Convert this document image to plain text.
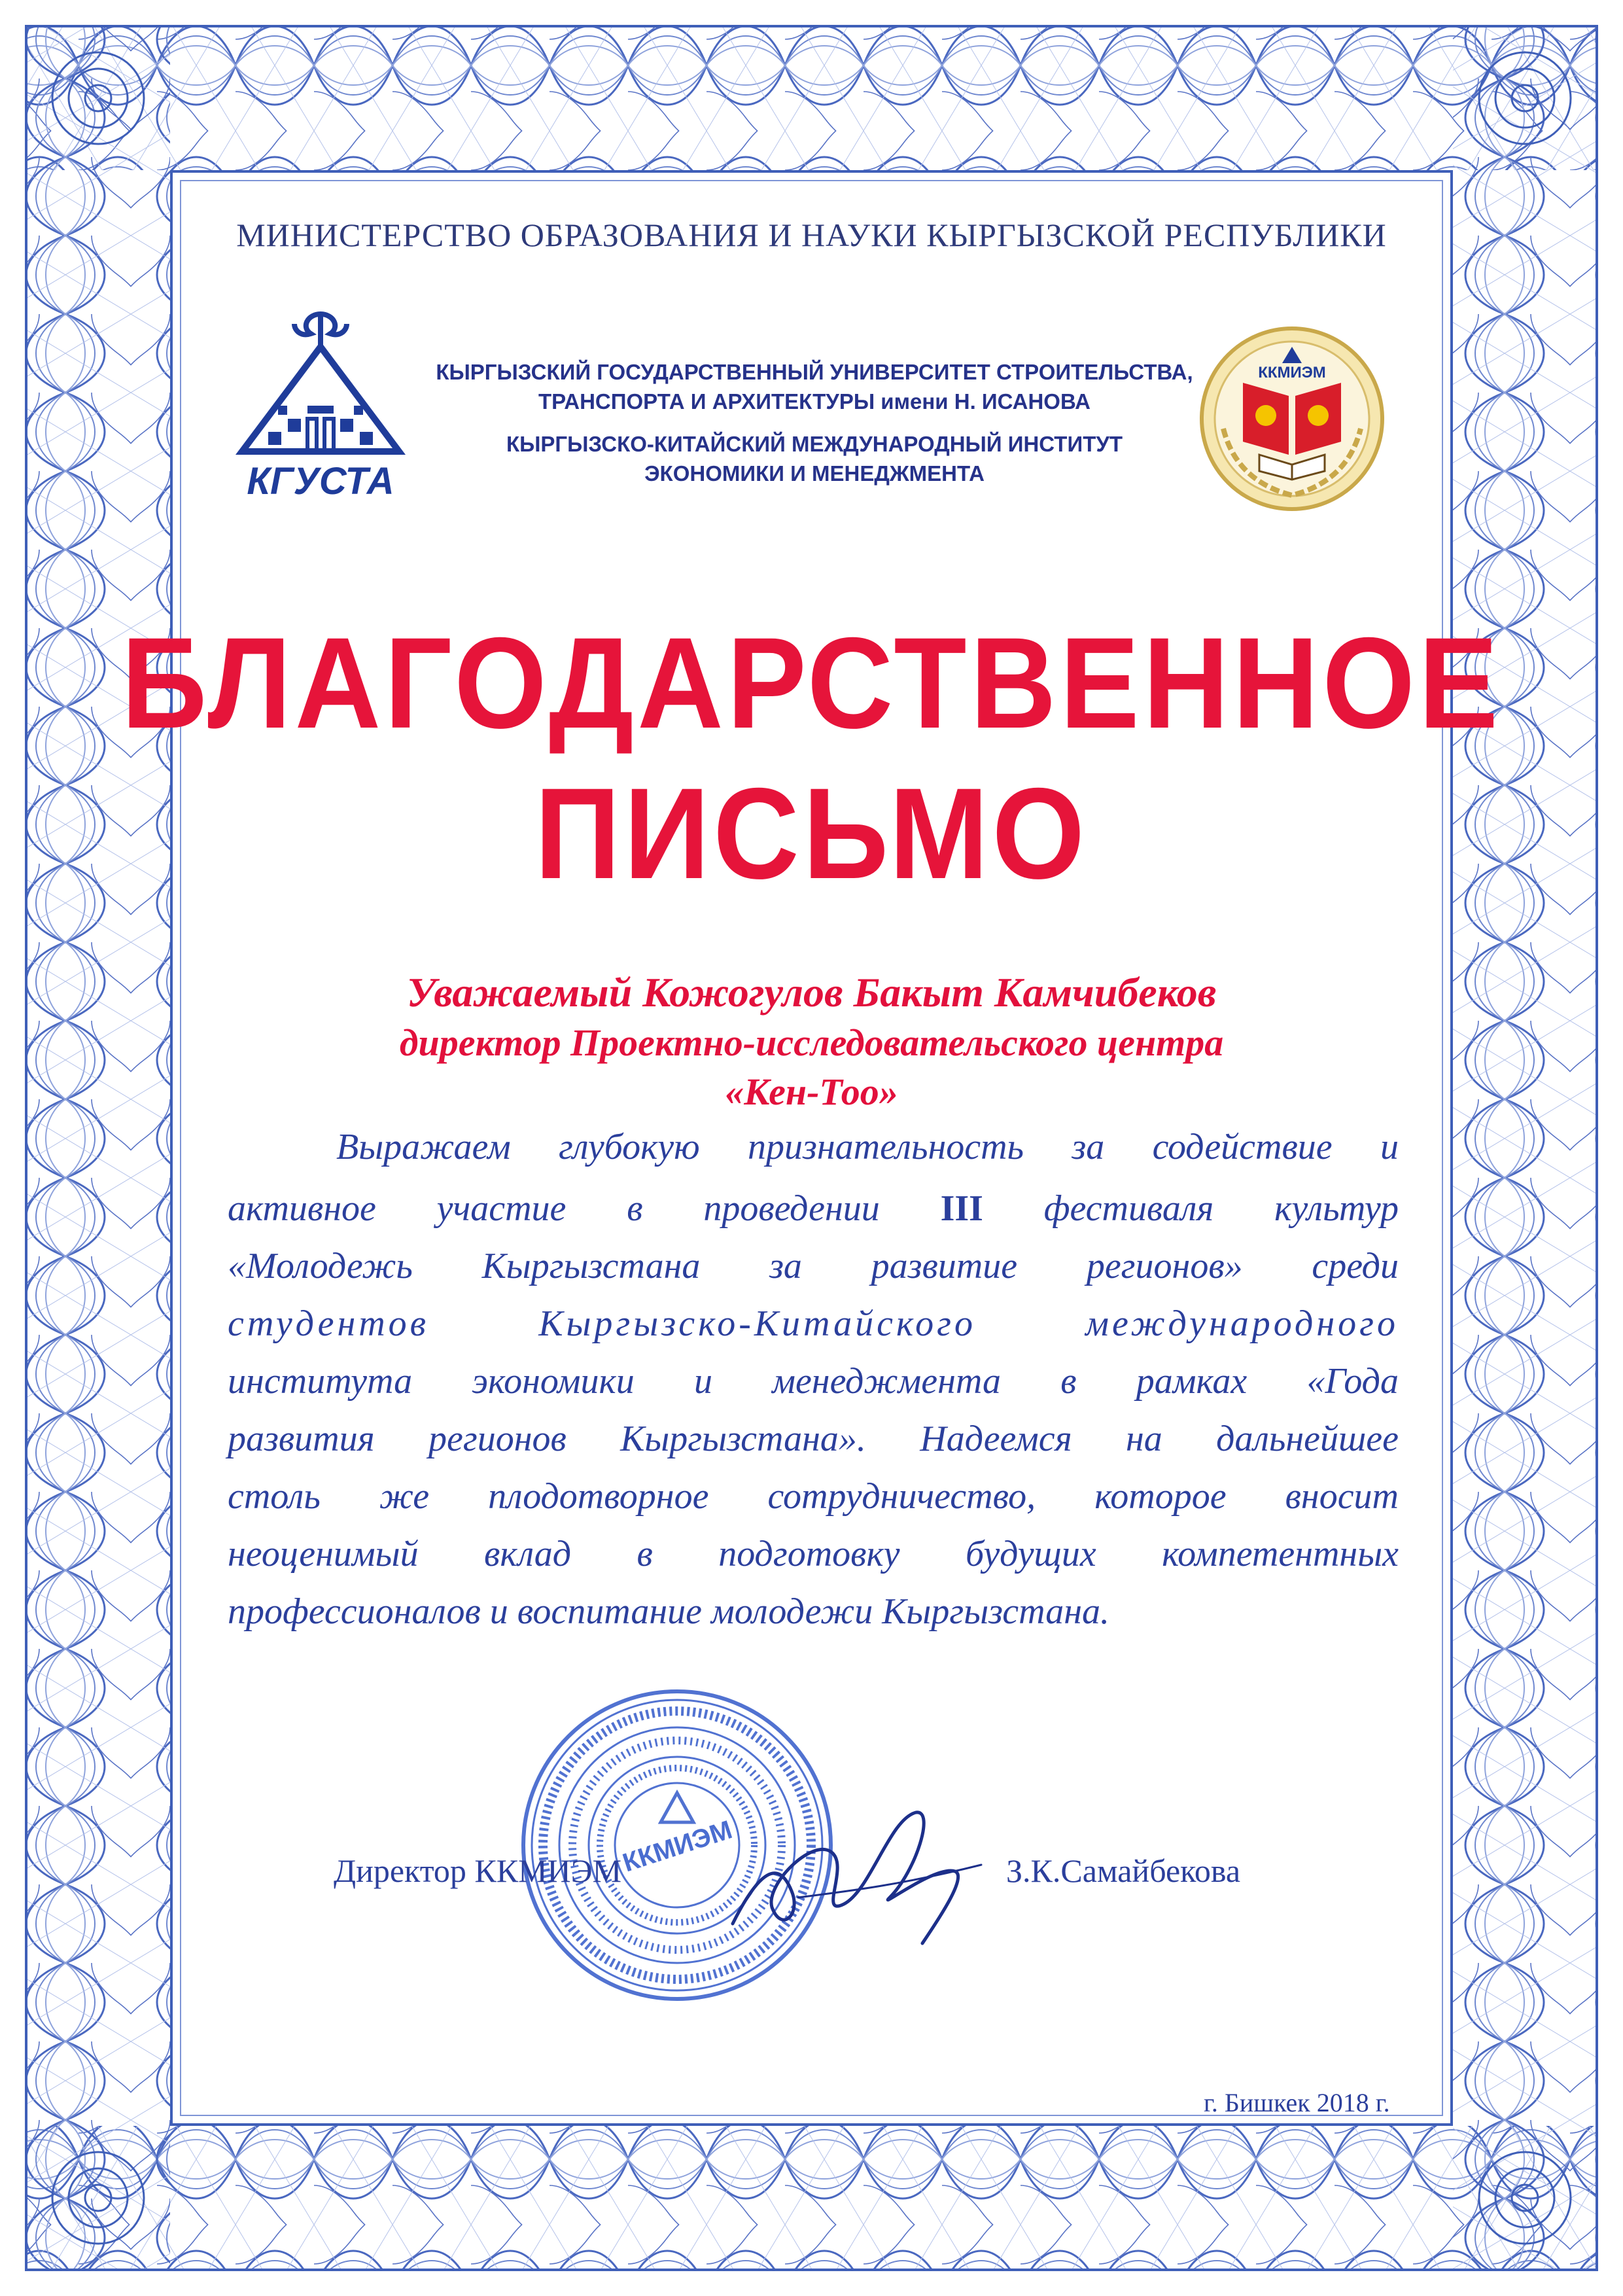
МИНИСТЕРСТВО ОБРАЗОВАНИЯ И НАУКИ КЫРГЫЗСКОЙ РЕСПУБЛИКИ
КГУСТА
КЫРГЫЗСКИЙ ГОСУДАРСТВЕННЫЙ УНИВЕРСИТЕТ СТРОИТЕЛЬСТВА,
ТРАНСПОРТА И АРХИТЕКТУРЫ имени Н. ИСАНОВА
КЫРГЫЗСКО-КИТАЙСКИЙ МЕЖДУНАРОДНЫЙ ИНСТИТУТ
ЭКОНОМИКИ И МЕНЕДЖМЕНТА
ККМИЭМ
БЛАГОДАРСТВЕННОЕ
ПИСЬМО
Уважаемый Кожогулов Бакыт Камчибеков
директор Проектно-исследовательского центра
«Кен-Тоо»
Выражаем глубокую признательность за содействие и
активное участие в проведении III фестиваля культур
«Молодежь Кыргызстана за развитие регионов» среди
студентов Кыргызско-Китайского международного
института экономики и менеджмента в рамках «Года
развития регионов Кыргызстана». Надеемся на дальнейшее
столь же плодотворное сотрудничество, которое вносит
неоценимый вклад в подготовку будущих компетентных
профессионалов и воспитание молодежи Кыргызстана.
ККМИЭМ
Директор ККМИЭМ	З.К.Самайбекова
г. Бишкек 2018 г.
